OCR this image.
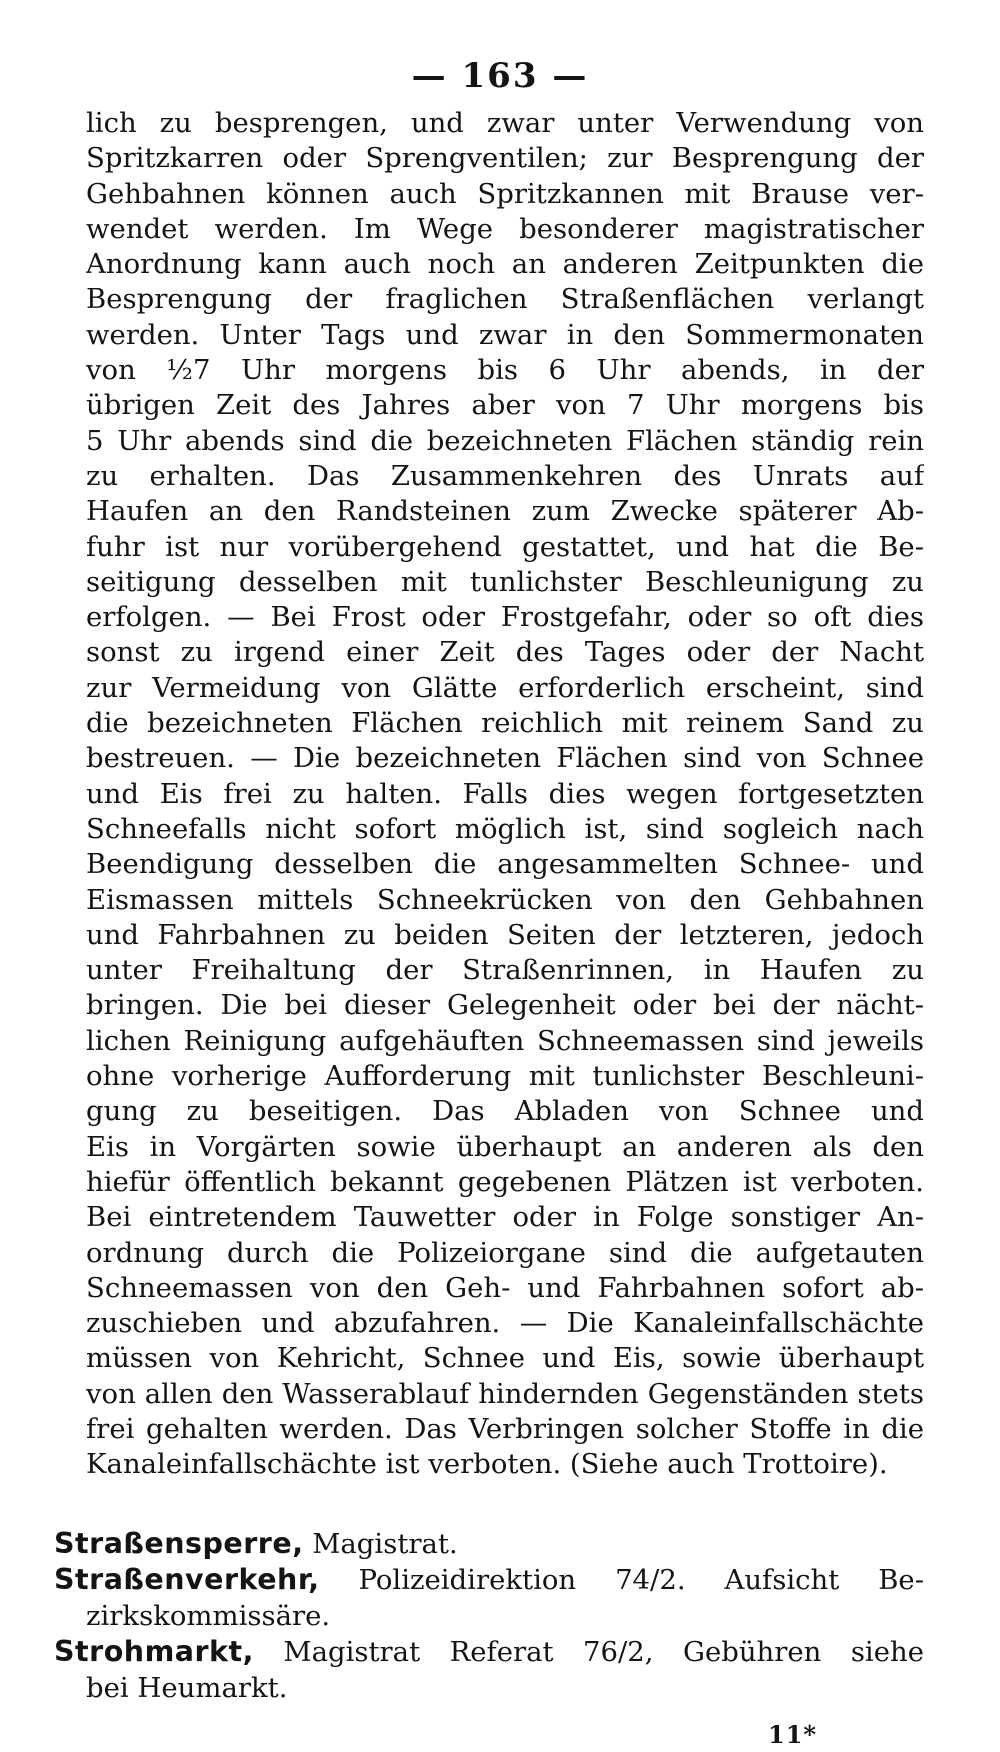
— 163 —
lich zu besprengen, und zwar unter Verwendung von
Spritzkarren oder Sprengventilen; zur Besprengung der
Gehbahnen können auch Spritzkannen mit Brause ver-
wendet werden. Im Wege besonderer magistratischer
Anordnung kann auch noch an anderen Zeitpunkten die
Besprengung der fraglichen Straßenflächen verlangt
werden. Unter Tags und zwar in den Sommermonaten
von ½7 Uhr morgens bis 6 Uhr abends, in der
übrigen Zeit des Jahres aber von 7 Uhr morgens bis
5 Uhr abends sind die bezeichneten Flächen ständig rein
zu erhalten. Das Zusammenkehren des Unrats auf
Haufen an den Randsteinen zum Zwecke späterer Ab-
fuhr ist nur vorübergehend gestattet, und hat die Be-
seitigung desselben mit tunlichster Beschleunigung zu
erfolgen. — Bei Frost oder Frostgefahr, oder so oft dies
sonst zu irgend einer Zeit des Tages oder der Nacht
zur Vermeidung von Glätte erforderlich erscheint, sind
die bezeichneten Flächen reichlich mit reinem Sand zu
bestreuen. — Die bezeichneten Flächen sind von Schnee
und Eis frei zu halten. Falls dies wegen fortgesetzten
Schneefalls nicht sofort möglich ist, sind sogleich nach
Beendigung desselben die angesammelten Schnee- und
Eismassen mittels Schneekrücken von den Gehbahnen
und Fahrbahnen zu beiden Seiten der letzteren, jedoch
unter Freihaltung der Straßenrinnen, in Haufen zu
bringen. Die bei dieser Gelegenheit oder bei der nächt-
lichen Reinigung aufgehäuften Schneemassen sind jeweils
ohne vorherige Aufforderung mit tunlichster Beschleuni-
gung zu beseitigen. Das Abladen von Schnee und
Eis in Vorgärten sowie überhaupt an anderen als den
hiefür öffentlich bekannt gegebenen Plätzen ist verboten.
Bei eintretendem Tauwetter oder in Folge sonstiger An-
ordnung durch die Polizeiorgane sind die aufgetauten
Schneemassen von den Geh- und Fahrbahnen sofort ab-
zuschieben und abzufahren. — Die Kanaleinfallschächte
müssen von Kehricht, Schnee und Eis, sowie überhaupt
von allen den Wasserablauf hindernden Gegenständen stets
frei gehalten werden. Das Verbringen solcher Stoffe in die
Kanaleinfallschächte ist verboten. (Siehe auch Trottoire).
Straßensperre, Magistrat.
Straßenverkehr, Polizeidirektion 74/2. Aufsicht Be-
zirkskommissäre.
Strohmarkt, Magistrat Referat 76/2, Gebühren siehe
bei Heumarkt.
11*
